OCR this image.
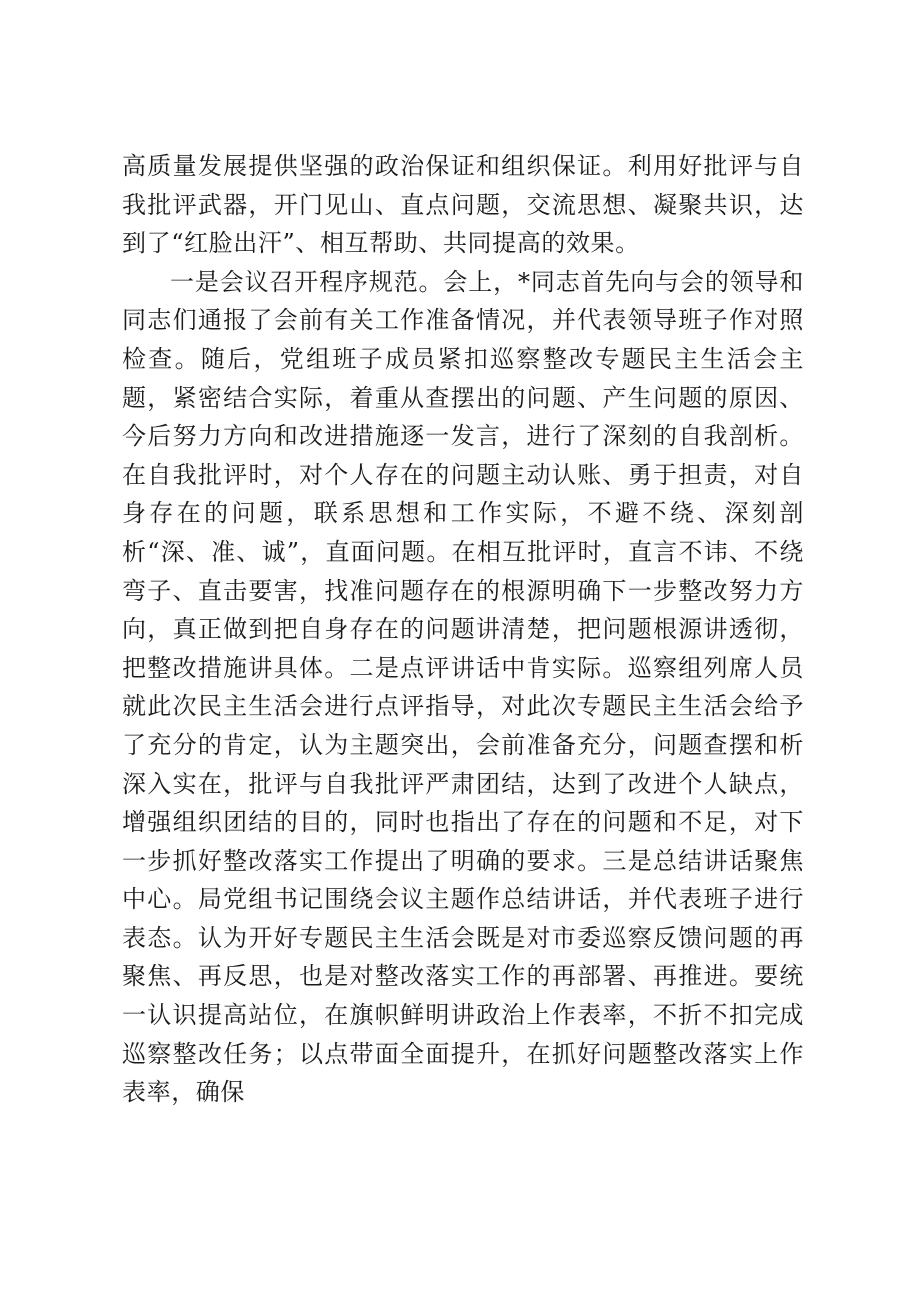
高质量发展提供坚强的政治保证和组织保证。利用好批评与自我批评武器，开门见山、直点问题，交流思想、凝聚共识，达到了“红脸出汗”、相互帮助、共同提高的效果。

一是会议召开程序规范。会上，*同志首先向与会的领导和同志们通报了会前有关工作准备情况，并代表领导班子作对照检查。随后，党组班子成员紧扣巡察整改专题民主生活会主题，紧密结合实际，着重从查摆出的问题、产生问题的原因、今后努力方向和改进措施逐一发言，进行了深刻的自我剖析。在自我批评时，对个人存在的问题主动认账、勇于担责，对自身存在的问题，联系思想和工作实际，不避不绕、深刻剖析“深、准、诚”，直面问题。在相互批评时，直言不讳、不绕弯子、直击要害，找准问题存在的根源明确下一步整改努力方向，真正做到把自身存在的问题讲清楚，把问题根源讲透彻，把整改措施讲具体。二是点评讲话中肯实际。巡察组列席人员就此次民主生活会进行点评指导，对此次专题民主生活会给予了充分的肯定，认为主题突出，会前准备充分，问题查摆和析深入实在，批评与自我批评严肃团结，达到了改进个人缺点，增强组织团结的目的，同时也指出了存在的问题和不足，对下一步抓好整改落实工作提出了明确的要求。三是总结讲话聚焦中心。局党组书记围绕会议主题作总结讲话，并代表班子进行表态。认为开好专题民主生活会既是对市委巡察反馈问题的再聚焦、再反思，也是对整改落实工作的再部署、再推进。要统一认识提高站位，在旗帜鲜明讲政治上作表率，不折不扣完成巡察整改任务；以点带面全面提升，在抓好问题整改落实上作表率，确保
